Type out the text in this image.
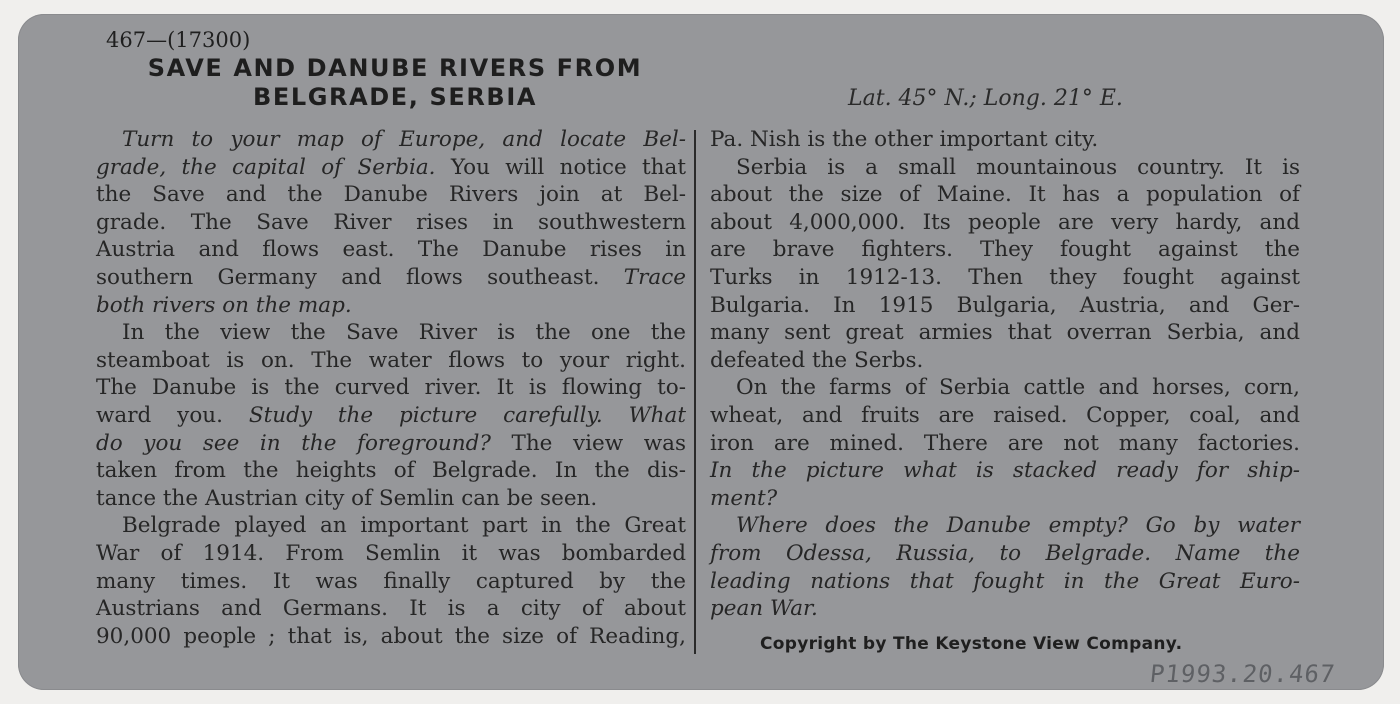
467—(17300)
SAVE AND DANUBE RIVERS FROM
BELGRADE, SERBIA	Lat. 45° N.; Long. 21° E.
Turn to your map of Europe, and locate Bel-
grade, the capital of Serbia. You will notice that
the Save and the Danube Rivers join at Bel-
grade. The Save River rises in southwestern
Austria and flows east. The Danube rises in
southern Germany and flows southeast. Trace
both rivers on the map.
In the view the Save River is the one the
steamboat is on. The water flows to your right.
The Danube is the curved river. It is flowing to-
ward you. Study the picture carefully. What
do you see in the foreground? The view was
taken from the heights of Belgrade. In the dis-
tance the Austrian city of Semlin can be seen.
Belgrade played an important part in the Great
War of 1914. From Semlin it was bombarded
many times. It was finally captured by the
Austrians and Germans. It is a city of about
90,000 people ; that is, about the size of Reading,
Pa. Nish is the other important city.
Serbia is a small mountainous country. It is
about the size of Maine. It has a population of
about 4,000,000. Its people are very hardy, and
are brave fighters. They fought against the
Turks in 1912-13. Then they fought against
Bulgaria. In 1915 Bulgaria, Austria, and Ger-
many sent great armies that overran Serbia, and
defeated the Serbs.
On the farms of Serbia cattle and horses, corn,
wheat, and fruits are raised. Copper, coal, and
iron are mined. There are not many factories.
In the picture what is stacked ready for ship-
ment?
Where does the Danube empty? Go by water
from Odessa, Russia, to Belgrade. Name the
leading nations that fought in the Great Euro-
pean War.
Copyright by The Keystone View Company.
P1993.20.467
